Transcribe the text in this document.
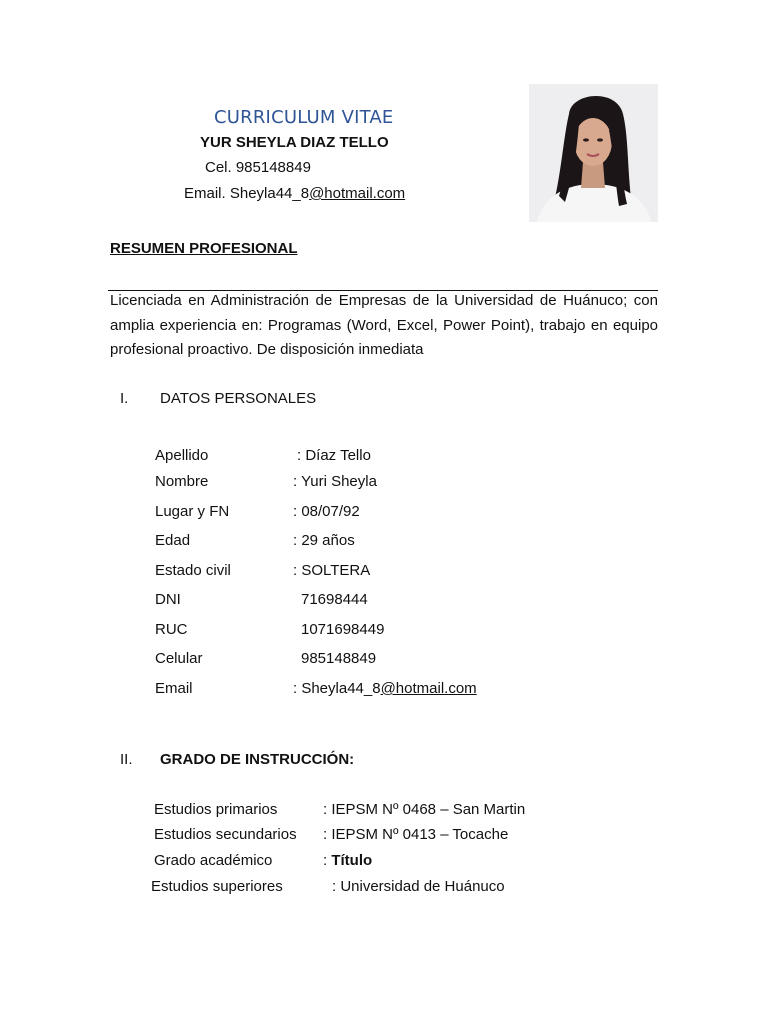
CURRICULUM VITAE
YUR SHEYLA DIAZ TELLO
Cel. 985148849
Email. Sheyla44_8@hotmail.com
RESUMEN PROFESIONAL
Licenciada en Administración de Empresas de la Universidad de Huánuco; con
amplia experiencia en: Programas (Word, Excel, Power Point), trabajo en equipo
profesional proactivo. De disposición inmediata
I. DATOS PERSONALES
Apellido	: Díaz Tello
Nombre	: Yuri Sheyla
Lugar y FN	: 08/07/92
Edad	: 29 años
Estado civil	: SOLTERA
DNI	71698444
RUC	1071698449
Celular	985148849
Email	: Sheyla44_8@hotmail.com
II. GRADO DE INSTRUCCIÓN:
Estudios primarios	: IEPSM Nº 0468 – San Martin
Estudios secundarios : IEPSM Nº 0413 – Tocache
Grado académico	: Título
Estudios superiores	: Universidad de Huánuco
